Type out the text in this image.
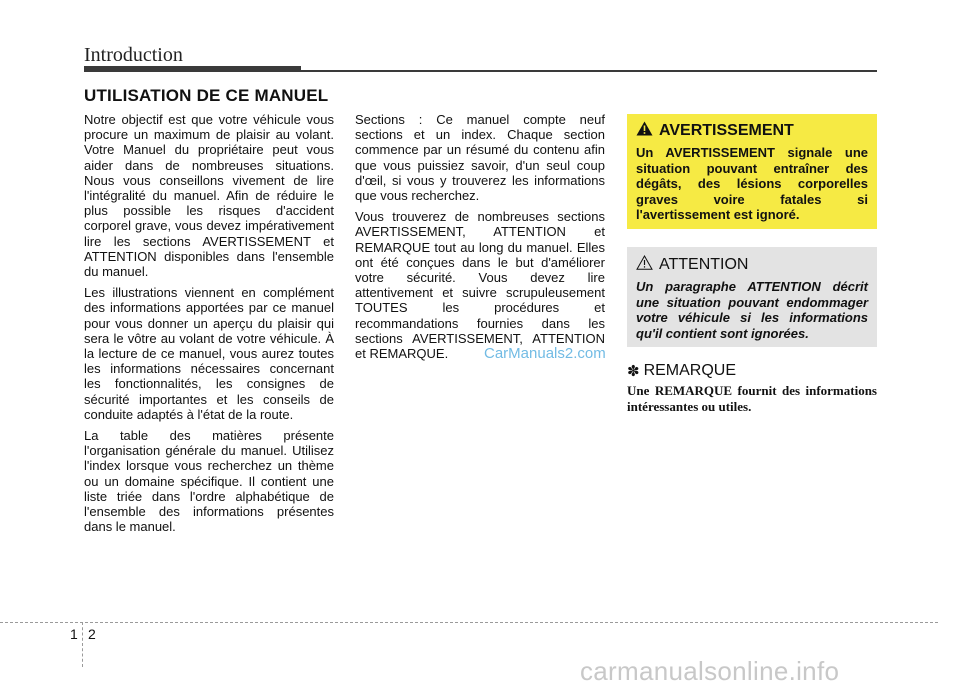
Introduction
UTILISATION DE CE MANUEL

Notre objectif est que votre véhicule vous procure un maximum de plaisir au volant. Votre Manuel du propriétaire peut vous aider dans de nombreuses situations. Nous vous conseillons vivement de lire l'intégralité du manuel. Afin de réduire le plus possible les risques d'accident corporel grave, vous devez impérativement lire les sections AVERTISSEMENT et ATTENTION disponibles dans l'ensemble du manuel.

Les illustrations viennent en complément des informations apportées par ce manuel pour vous donner un aperçu du plaisir qui sera le vôtre au volant de votre véhicule. À la lecture de ce manuel, vous aurez toutes les informations nécessaires concernant les fonctionnalités, les consignes de sécurité importantes et les conseils de conduite adaptés à l'état de la route.

La table des matières présente l'organisation générale du manuel. Utilisez l'index lorsque vous recherchez un thème ou un domaine spécifique. Il contient une liste triée dans l'ordre alphabétique de l'ensemble des informations présentes dans le manuel.

Sections : Ce manuel compte neuf sections et un index. Chaque section commence par un résumé du contenu afin que vous puissiez savoir, d'un seul coup d'œil, si vous y trouverez les informations que vous recherchez.

Vous trouverez de nombreuses sections AVERTISSEMENT, ATTENTION et REMARQUE tout au long du manuel. Elles ont été conçues dans le but d'améliorer votre sécurité. Vous devez lire attentivement et suivre scrupuleusement TOUTES les procédures et recommandations fournies dans les sections AVERTISSEMENT, ATTENTION et REMARQUE.

AVERTISSEMENT

Un AVERTISSEMENT signale une situation pouvant entraîner des dégâts, des lésions corporelles graves voire fatales si l'avertissement est ignoré.

ATTENTION

Un paragraphe ATTENTION décrit une situation pouvant endommager votre véhicule si les informations qu'il contient sont ignorées.

✽ REMARQUE

Une REMARQUE fournit des informations intéressantes ou utiles.

CarManuals2.com
1 2
carmanualsonline.info
